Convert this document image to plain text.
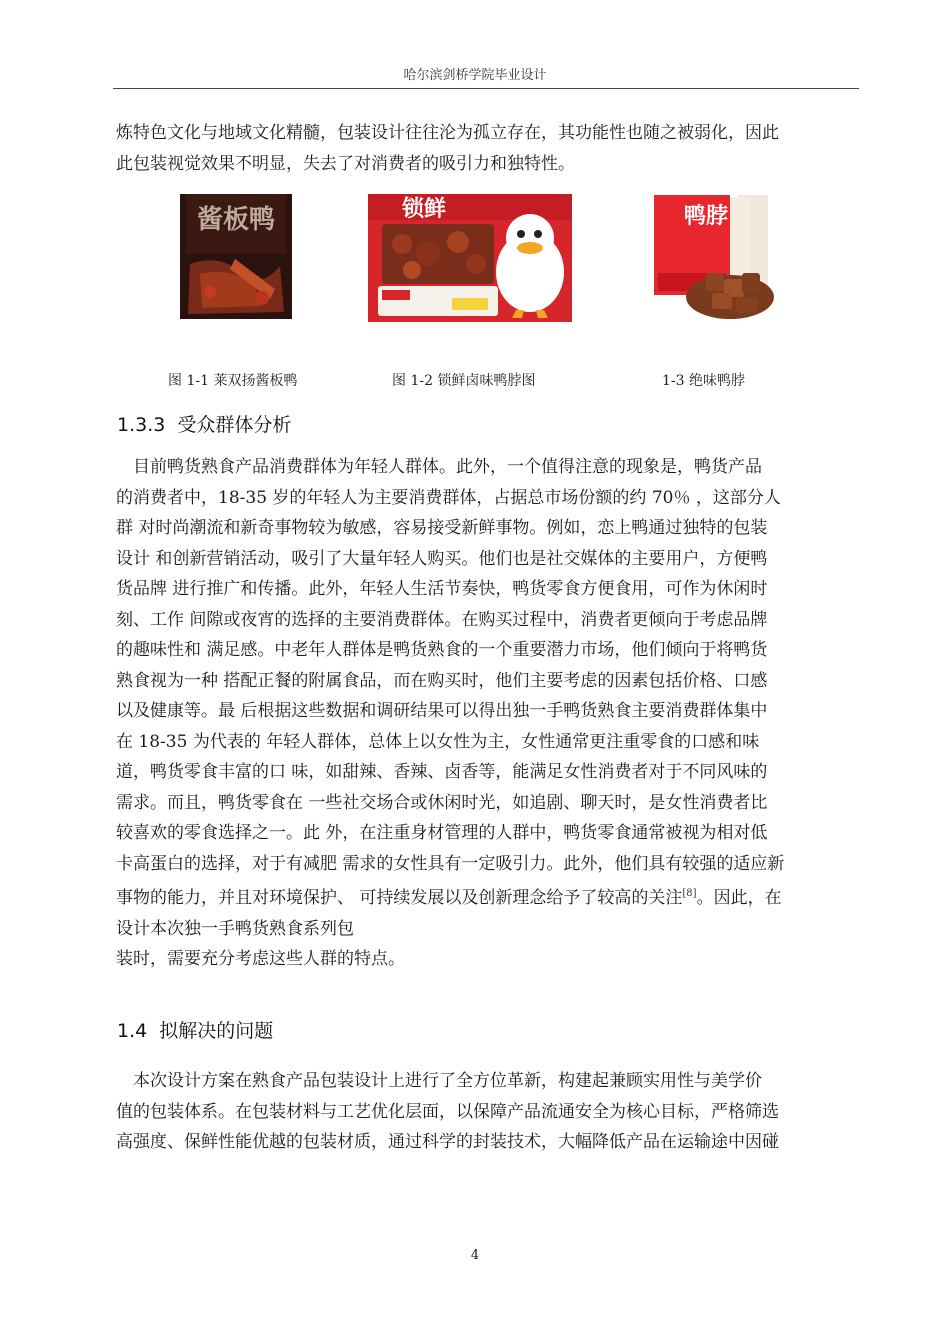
哈尔滨剑桥学院毕业设计
炼特色文化与地域文化精髓，包装设计往往沦为孤立存在，其功能性也随之被弱化，因此
此包装视觉效果不明显，失去了对消费者的吸引力和独特性。
酱板鸭	锁鲜	鸭脖
图 1-1 莱双扬酱板鸭	图 1-2 锁鲜卤味鸭脖图	1-3 绝味鸭脖
1.3.3 受众群体分析
　目前鸭货熟食产品消费群体为年轻人群体。此外，一个值得注意的现象是，鸭货产品
的消费者中，18-35 岁的年轻人为主要消费群体，占据总市场份额的约 70％ ，这部分人
群 对时尚潮流和新奇事物较为敏感，容易接受新鲜事物。例如，恋上鸭通过独特的包装
设计 和创新营销活动，吸引了大量年轻人购买。他们也是社交媒体的主要用户，方便鸭
货品牌 进行推广和传播。此外，年轻人生活节奏快，鸭货零食方便食用，可作为休闲时
刻、工作 间隙或夜宵的选择的主要消费群体。在购买过程中，消费者更倾向于考虑品牌
的趣味性和 满足感。中老年人群体是鸭货熟食的一个重要潜力市场，他们倾向于将鸭货
熟食视为一种 搭配正餐的附属食品，而在购买时，他们主要考虑的因素包括价格、口感
以及健康等。最 后根据这些数据和调研结果可以得出独一手鸭货熟食主要消费群体集中
在 18-35 为代表的 年轻人群体，总体上以女性为主，女性通常更注重零食的口感和味
道，鸭货零食丰富的口 味，如甜辣、香辣、卤香等，能满足女性消费者对于不同风味的
需求。而且，鸭货零食在 一些社交场合或休闲时光，如追剧、聊天时，是女性消费者比
较喜欢的零食选择之一。此 外，在注重身材管理的人群中，鸭货零食通常被视为相对低
卡高蛋白的选择，对于有减肥 需求的女性具有一定吸引力。此外，他们具有较强的适应新
事物的能力，并且对环境保护、 可持续发展以及创新理念给予了较高的关注[8]。因此，在
设计本次独一手鸭货熟食系列包
装时，需要充分考虑这些人群的特点。
1.4 拟解决的问题
　本次设计方案在熟食产品包装设计上进行了全方位革新，构建起兼顾实用性与美学价
值的包装体系。在包装材料与工艺优化层面，以保障产品流通安全为核心目标，严格筛选
高强度、保鲜性能优越的包装材质，通过科学的封装技术，大幅降低产品在运输途中因碰
4
